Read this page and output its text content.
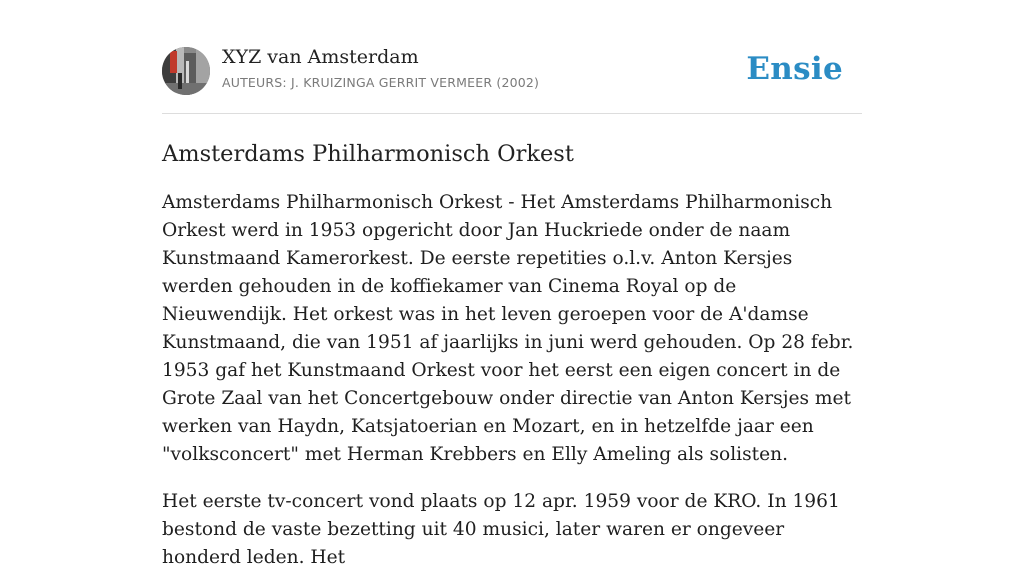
XYZ van Amsterdam
AUTEURS: J. KRUIZINGA GERRIT VERMEER (2002)	Ensie
Amsterdams Philharmonisch Orkest

Amsterdams Philharmonisch Orkest - Het Amsterdams Philharmonisch Orkest werd in 1953 opgericht door Jan Huckriede onder de naam Kunstmaand Kamerorkest. De eerste repetities o.l.v. Anton Kersjes werden gehouden in de koffiekamer van Cinema Royal op de Nieuwendijk. Het orkest was in het leven geroepen voor de A'damse Kunstmaand, die van 1951 af jaarlijks in juni werd gehouden. Op 28 febr. 1953 gaf het Kunstmaand Orkest voor het eerst een eigen concert in de Grote Zaal van het Concertgebouw onder directie van Anton Kersjes met werken van Haydn, Katsjatoerian en Mozart, en in hetzelfde jaar een "volksconcert" met Herman Krebbers en Elly Ameling als solisten.

Het eerste tv-concert vond plaats op 12 apr. 1959 voor de KRO. In 1961 bestond de vaste bezetting uit 40 musici, later waren er ongeveer honderd leden. Het
